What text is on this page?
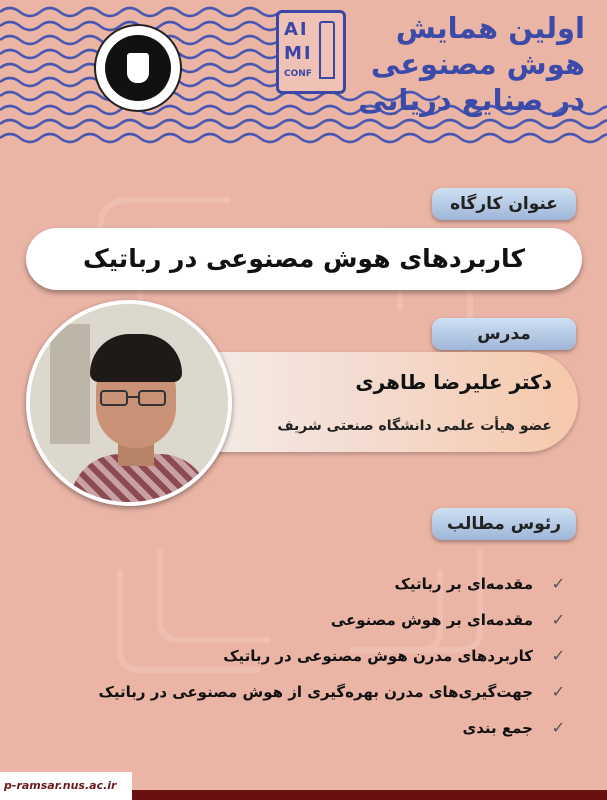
AI
MI
CONF
اولین همایش هوش مصنوعی در صنایع دریایی
عنوان کارگاه
کاربردهای هوش مصنوعی در رباتیک
مدرس
دکتر علیرضا طاهری
عضو هیأت علمی دانشگاه صنعتی شریف
رئوس مطالب
✓
مقدمه‌ای بر رباتیک
✓
مقدمه‌ای بر هوش مصنوعی
✓
کاربردهای مدرن هوش مصنوعی در رباتیک
✓
جهت‌گیری‌های مدرن بهره‌گیری از هوش مصنوعی در رباتیک
✓
جمع بندی
p-ramsar.nus.ac.ir
